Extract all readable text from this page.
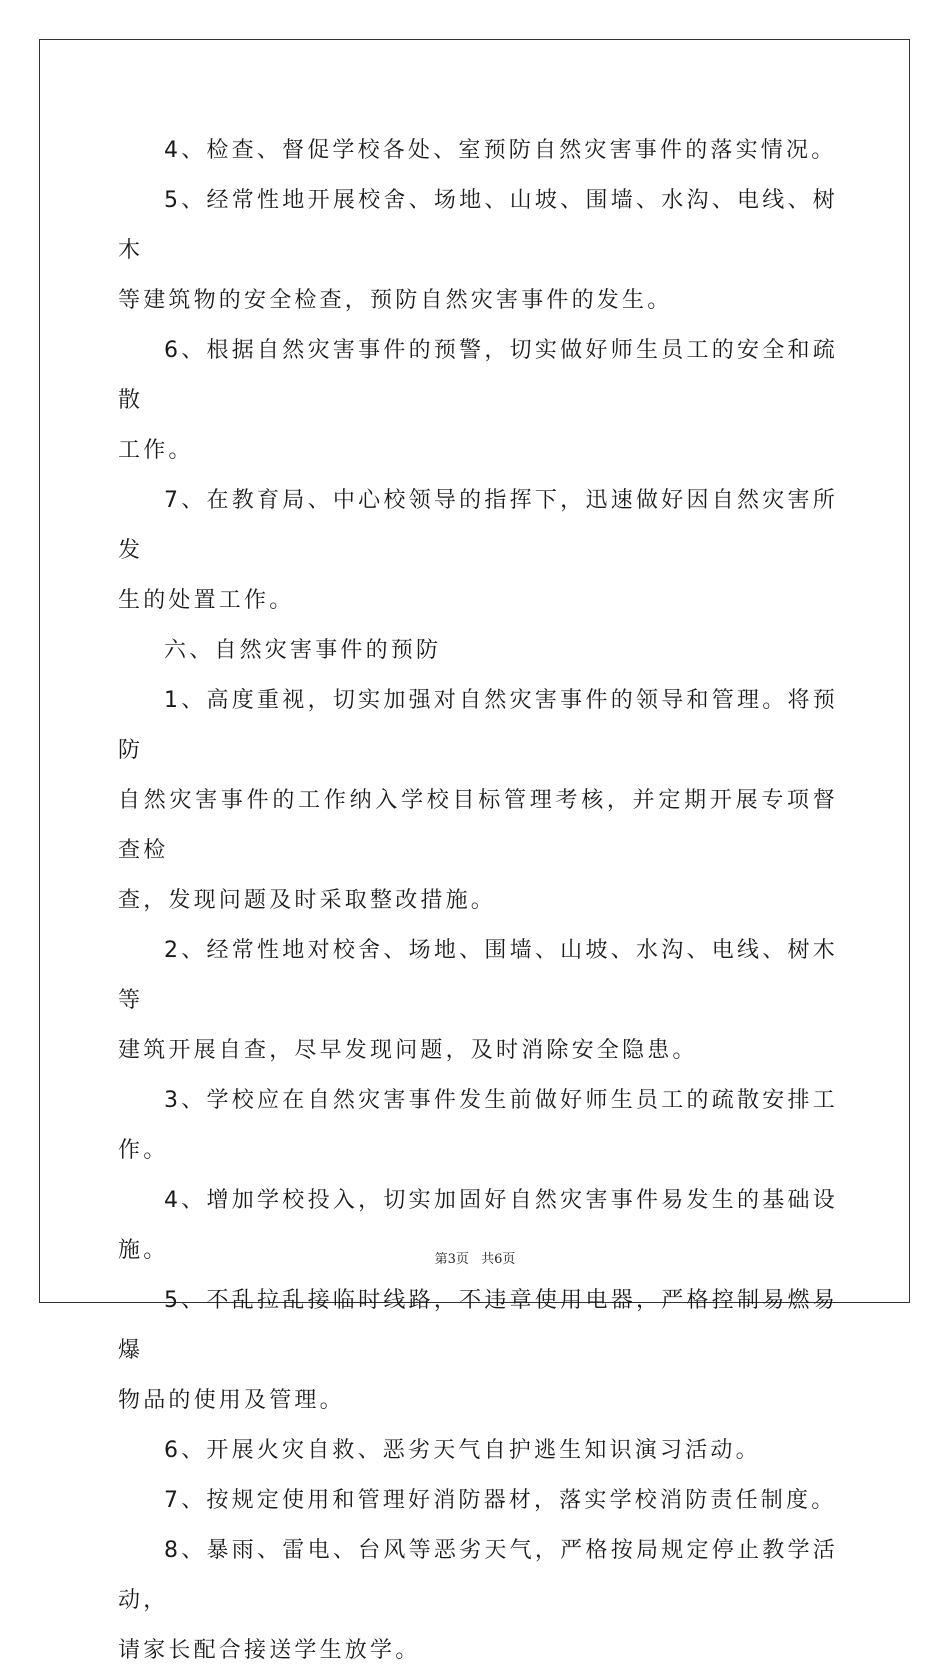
4、检查、督促学校各处、室预防自然灾害事件的落实情况。

5、经常性地开展校舍、场地、山坡、围墙、水沟、电线、树木

等建筑物的安全检查，预防自然灾害事件的发生。

6、根据自然灾害事件的预警，切实做好师生员工的安全和疏散

工作。

7、在教育局、中心校领导的指挥下，迅速做好因自然灾害所发

生的处置工作。

六、自然灾害事件的预防

1、高度重视，切实加强对自然灾害事件的领导和管理。将预防

自然灾害事件的工作纳入学校目标管理考核，并定期开展专项督查检

查，发现问题及时采取整改措施。

2、经常性地对校舍、场地、围墙、山坡、水沟、电线、树木等

建筑开展自查，尽早发现问题，及时消除安全隐患。

3、学校应在自然灾害事件发生前做好师生员工的疏散安排工作。

4、增加学校投入，切实加固好自然灾害事件易发生的基础设施。

5、不乱拉乱接临时线路，不违章使用电器，严格控制易燃易爆

物品的使用及管理。

6、开展火灾自救、恶劣天气自护逃生知识演习活动。

7、按规定使用和管理好消防器材，落实学校消防责任制度。

8、暴雨、雷电、台风等恶劣天气，严格按局规定停止教学活动，

请家长配合接送学生放学。

第3页 共6页
